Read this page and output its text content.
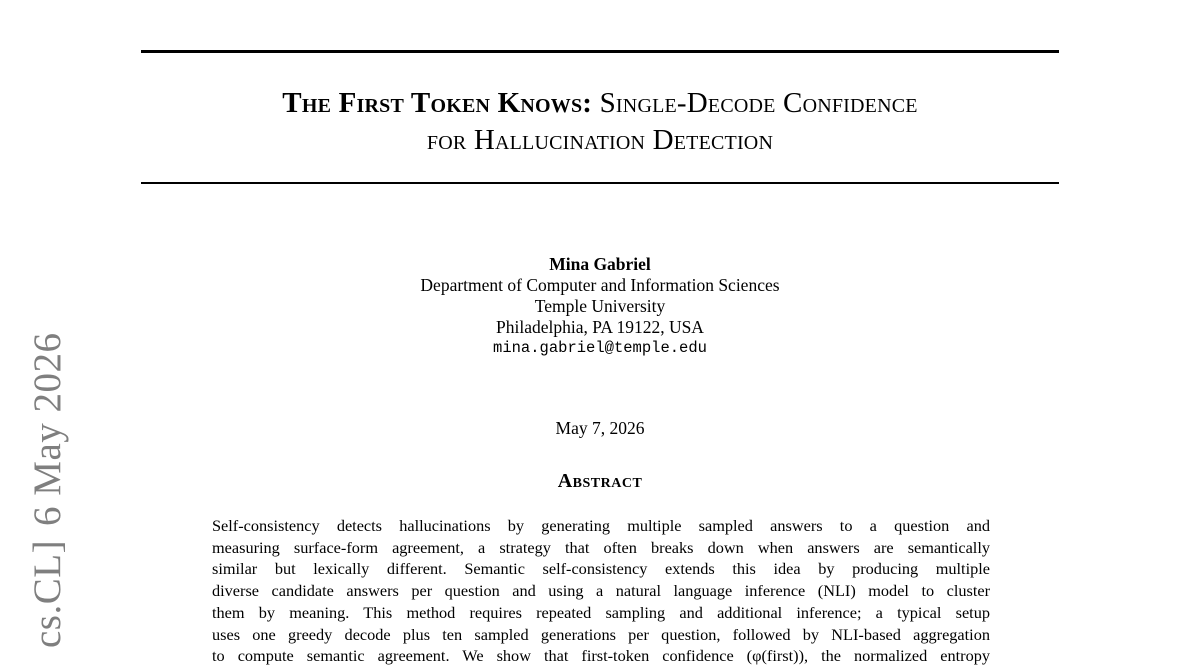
The First Token Knows: Single-Decode Confidence
for Hallucination Detection
Mina Gabriel
Department of Computer and Information Sciences
Temple University
Philadelphia, PA 19122, USA
mina.gabriel@temple.edu
May 7, 2026
Abstract
Self-consistency detects hallucinations by generating multiple sampled answers to a question and
measuring surface-form agreement, a strategy that often breaks down when answers are semantically
similar but lexically different. Semantic self-consistency extends this idea by producing multiple
diverse candidate answers per question and using a natural language inference (NLI) model to cluster
them by meaning. This method requires repeated sampling and additional inference; a typical setup
uses one greedy decode plus ten sampled generations per question, followed by NLI-based aggregation
to compute semantic agreement. We show that first-token confidence (φ(first)), the normalized entropy
cs.CL]6 May 2026
